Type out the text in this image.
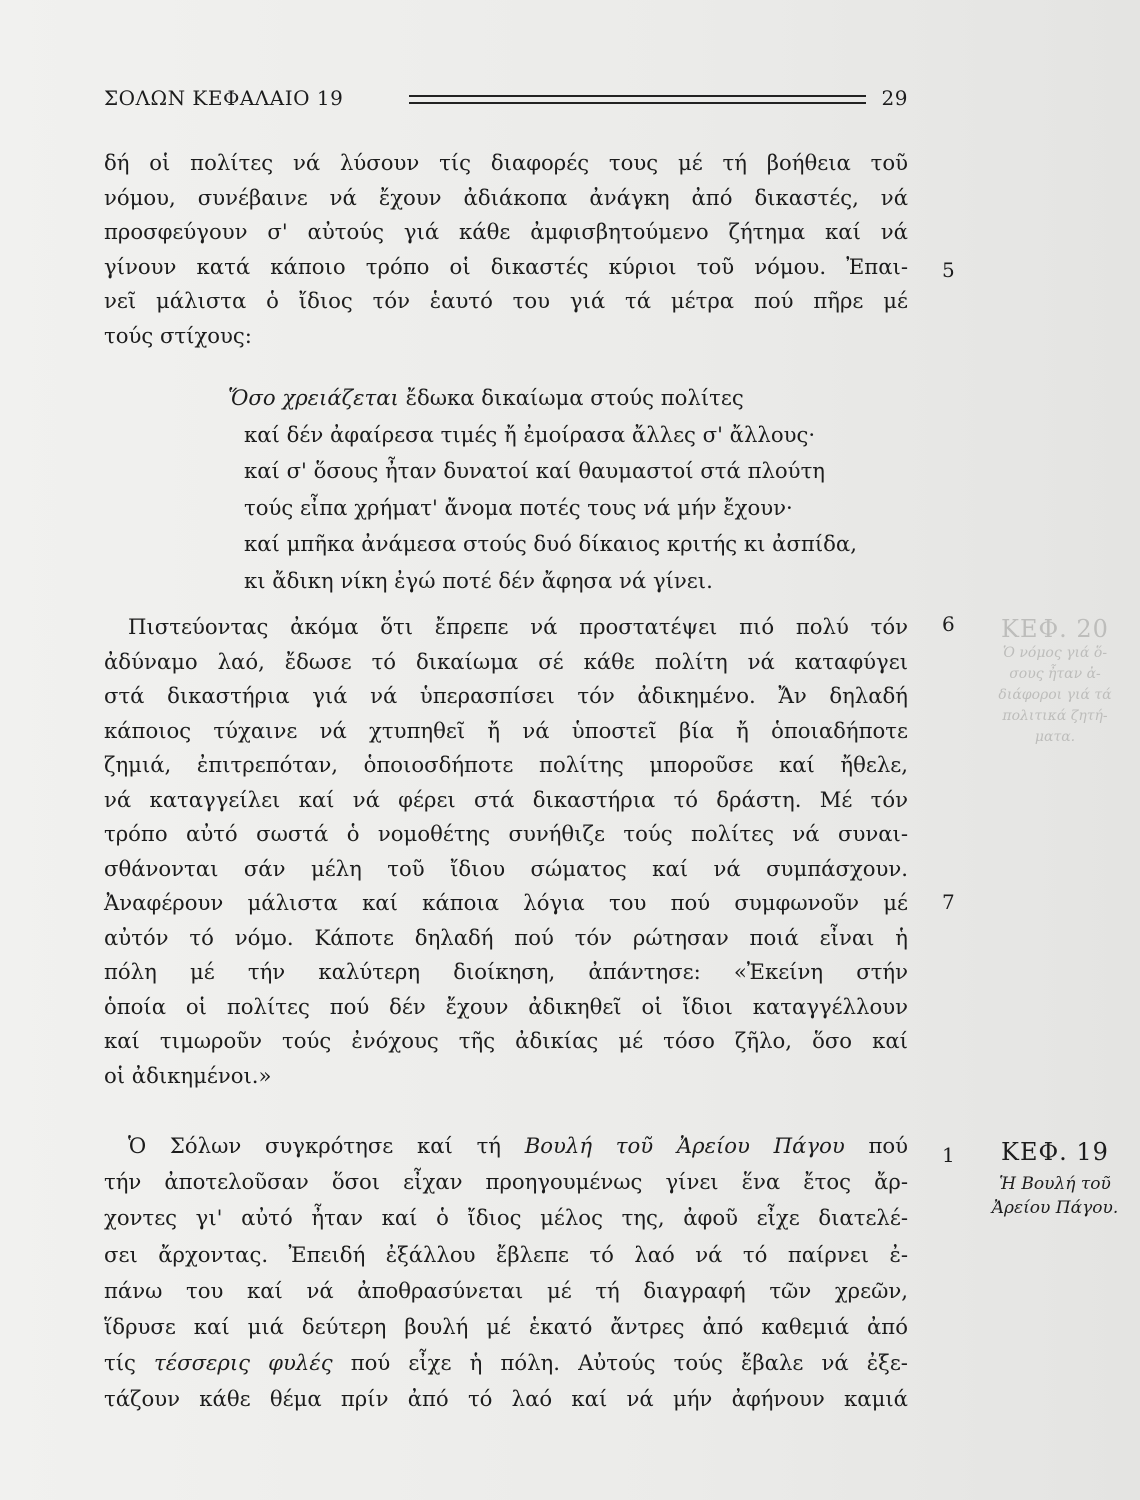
ΣΟΛΩΝ ΚΕΦΑΛΑΙΟ 19	29
δή οἱ πολίτες νά λύσουν τίς διαφορές τους μέ τή βοήθεια τοῦ
νόμου, συνέβαινε νά ἔχουν ἀδιάκοπα ἀνάγκη ἀπό δικαστές, νά
προσφεύγουν σ' αὐτούς γιά κάθε ἀμφισβητούμενο ζήτημα καί νά
γίνουν κατά κάποιο τρόπο οἱ δικαστές κύριοι τοῦ νόμου. Ἐπαι-
νεῖ μάλιστα ὁ ἴδιος τόν ἑαυτό του γιά τά μέτρα πού πῆρε μέ
τούς στίχους:
Ὅσο χρειάζεται ἔδωκα δικαίωμα στούς πολίτες
καί δέν ἀφαίρεσα τιμές ἤ ἐμοίρασα ἄλλες σ' ἄλλους·
καί σ' ὅσους ἦταν δυνατοί καί θαυμαστοί στά πλούτη
τούς εἶπα χρήματ' ἄνομα ποτές τους νά μήν ἔχουν·
καί μπῆκα ἀνάμεσα στούς δυό δίκαιος κριτής κι ἀσπίδα,
κι ἄδικη νίκη ἐγώ ποτέ δέν ἄφησα νά γίνει.
Πιστεύοντας ἀκόμα ὅτι ἔπρεπε νά προστατέψει πιό πολύ τόν
ἀδύναμο λαό, ἔδωσε τό δικαίωμα σέ κάθε πολίτη νά καταφύγει
στά δικαστήρια γιά νά ὑπερασπίσει τόν ἀδικημένο. Ἄν δηλαδή
κάποιος τύχαινε νά χτυπηθεῖ ἤ νά ὑποστεῖ βία ἤ ὁποιαδήποτε
ζημιά, ἐπιτρεπόταν, ὁποιοσδήποτε πολίτης μποροῦσε καί ἤθελε,
νά καταγγείλει καί νά φέρει στά δικαστήρια τό δράστη. Μέ τόν
τρόπο αὐτό σωστά ὁ νομοθέτης συνήθιζε τούς πολίτες νά συναι-
σθάνονται σάν μέλη τοῦ ἴδιου σώματος καί νά συμπάσχουν.
Ἀναφέρουν μάλιστα καί κάποια λόγια του πού συμφωνοῦν μέ
αὐτόν τό νόμο. Κάποτε δηλαδή πού τόν ρώτησαν ποιά εἶναι ἡ
πόλη μέ τήν καλύτερη διοίκηση, ἀπάντησε: «Ἐκείνη στήν
ὁποία οἱ πολίτες πού δέν ἔχουν ἀδικηθεῖ οἱ ἴδιοι καταγγέλλουν
καί τιμωροῦν τούς ἐνόχους τῆς ἀδικίας μέ τόσο ζῆλο, ὅσο καί
οἱ ἀδικημένοι.»
Ὁ Σόλων συγκρότησε καί τή Βουλή τοῦ Ἀρείου Πάγου πού
τήν ἀποτελοῦσαν ὅσοι εἶχαν προηγουμένως γίνει ἕνα ἔτος ἄρ-
χοντες γι' αὐτό ἦταν καί ὁ ἴδιος μέλος της, ἀφοῦ εἶχε διατελέ-
σει ἄρχοντας. Ἐπειδή ἐξάλλου ἔβλεπε τό λαό νά τό παίρνει ἐ-
πάνω του καί νά ἀποθρασύνεται μέ τή διαγραφή τῶν χρεῶν,
ἵδρυσε καί μιά δεύτερη βουλή μέ ἑκατό ἄντρες ἀπό καθεμιά ἀπό
τίς τέσσερις φυλές πού εἶχε ἡ πόλη. Αὐτούς τούς ἔβαλε νά ἐξε-
τάζουν κάθε θέμα πρίν ἀπό τό λαό καί νά μήν ἀφήνουν καμιά
5
6
7
1
ΚΕΦ. 20
Ὁ νόμος γιά ὅ-
σους ἦταν ἀ-
διάφοροι γιά τά
πολιτικά ζητή-
ματα.
ΚΕΦ. 19
Ἡ Βουλή τοῦ
Ἀρείου Πάγου.
